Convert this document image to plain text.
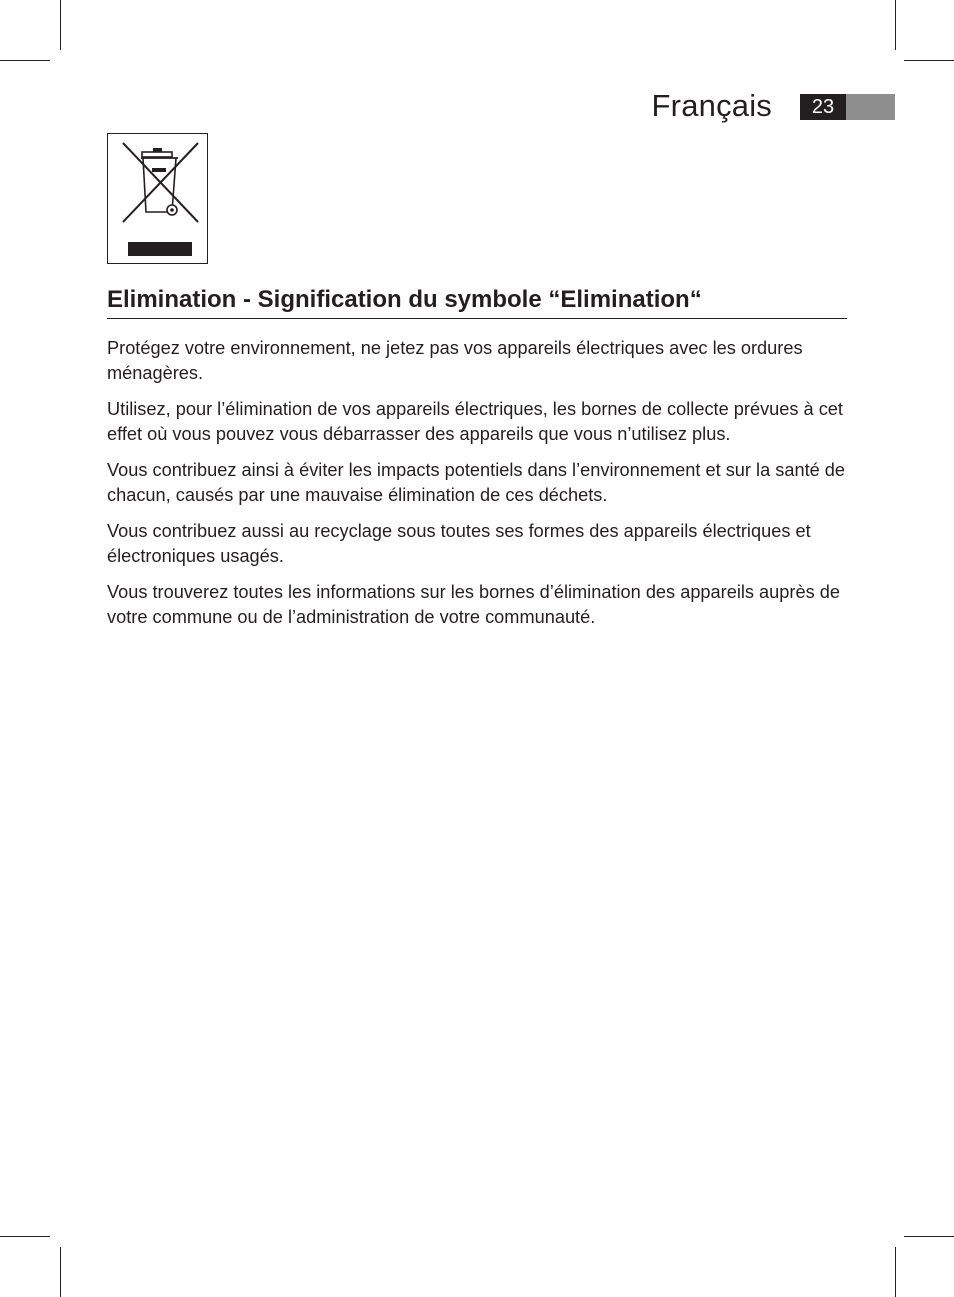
Français	23
Elimination - Signification du symbole “Elimination“

Protégez votre environnement, ne jetez pas vos appareils électriques avec les ordures ménagères.

Utilisez, pour l’élimination de vos appareils électriques, les bornes de collecte prévues à cet effet où vous pouvez vous débarrasser des appareils que vous n’utilisez plus.

Vous contribuez ainsi à éviter les impacts potentiels dans l’environnement et sur la santé de chacun, causés par une mauvaise élimination de ces déchets.

Vous contribuez aussi au recyclage sous toutes ses formes des appareils électriques et électroniques usagés.

Vous trouverez toutes les informations sur les bornes d’élimination des appareils auprès de votre commune ou de l’administration de votre communauté.
